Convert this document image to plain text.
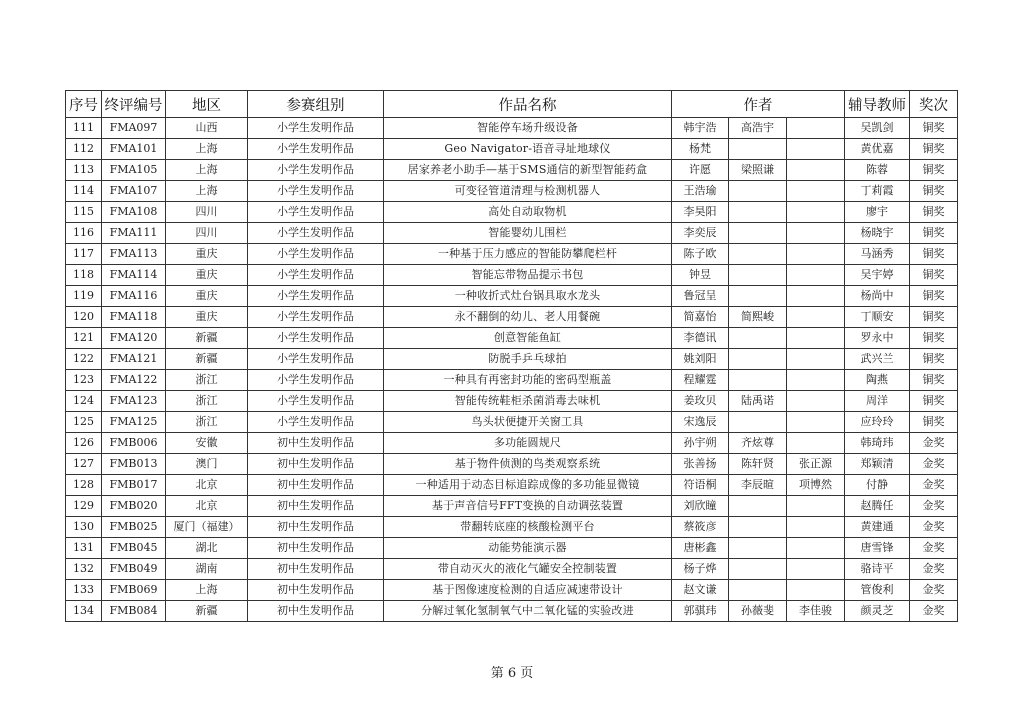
序号	终评编号	地区	参赛组别	作品名称	作者			辅导教师	奖次
111	FMA097	山西	小学生发明作品	智能停车场升级设备	韩宇浩	高浩宇		吴凯剑	铜奖
112	FMA101	上海	小学生发明作品	Geo Navigator-语音寻址地球仪	杨梵			黄优嘉	铜奖
113	FMA105	上海	小学生发明作品	居家养老小助手—基于SMS通信的新型智能药盒	许愿	梁照谦		陈蓉	铜奖
114	FMA107	上海	小学生发明作品	可变径管道清理与检测机器人	王浩瑜			丁莉霞	铜奖
115	FMA108	四川	小学生发明作品	高处自动取物机	李昊阳			廖宇	铜奖
116	FMA111	四川	小学生发明作品	智能婴幼儿围栏	李奕辰			杨晓宇	铜奖
117	FMA113	重庆	小学生发明作品	一种基于压力感应的智能防攀爬栏杆	陈子欧			马涵秀	铜奖
118	FMA114	重庆	小学生发明作品	智能忘带物品提示书包	钟昱			吴宇婷	铜奖
119	FMA116	重庆	小学生发明作品	一种收折式灶台锅具取水龙头	鲁冠呈			杨尚中	铜奖
120	FMA118	重庆	小学生发明作品	永不翻倒的幼儿、老人用餐碗	简嘉怡	简熙峻		丁顺安	铜奖
121	FMA120	新疆	小学生发明作品	创意智能鱼缸	李德讯			罗永中	铜奖
122	FMA121	新疆	小学生发明作品	防脱手乒乓球拍	姚刘阳			武兴兰	铜奖
123	FMA122	浙江	小学生发明作品	一种具有再密封功能的密码型瓶盖	程耀霆			陶燕	铜奖
124	FMA123	浙江	小学生发明作品	智能传统鞋柜杀菌消毒去味机	姜玫贝	陆禹诺		周洋	铜奖
125	FMA125	浙江	小学生发明作品	鸟头状便捷开关窗工具	宋逸辰			应玲玲	铜奖
126	FMB006	安徽	初中生发明作品	多功能圆规尺	孙宇朔	齐炫尊		韩琦玮	金奖
127	FMB013	澳门	初中生发明作品	基于物件侦测的鸟类观察系统	张善扬	陈轩贤	张正源	郑颖清	金奖
128	FMB017	北京	初中生发明作品	一种适用于动态目标追踪成像的多功能显微镜	符语桐	李辰暄	项博然	付静	金奖
129	FMB020	北京	初中生发明作品	基于声音信号FFT变换的自动调弦装置	刘欣瞳			赵腾任	金奖
130	FMB025	厦门（福建）	初中生发明作品	带翻转底座的核酸检测平台	蔡筱彦			黄建通	金奖
131	FMB045	湖北	初中生发明作品	动能势能演示器	唐彬鑫			唐雪锋	金奖
132	FMB049	湖南	初中生发明作品	带自动灭火的液化气罐安全控制装置	杨子烨			骆诗平	金奖
133	FMB069	上海	初中生发明作品	基于图像速度检测的自适应减速带设计	赵文谦			管俊利	金奖
134	FMB084	新疆	初中生发明作品	分解过氧化氢制氧气中二氧化锰的实验改进	郭骐玮	孙薇斐	李佳骏	颜灵芝	金奖
第 6 页
